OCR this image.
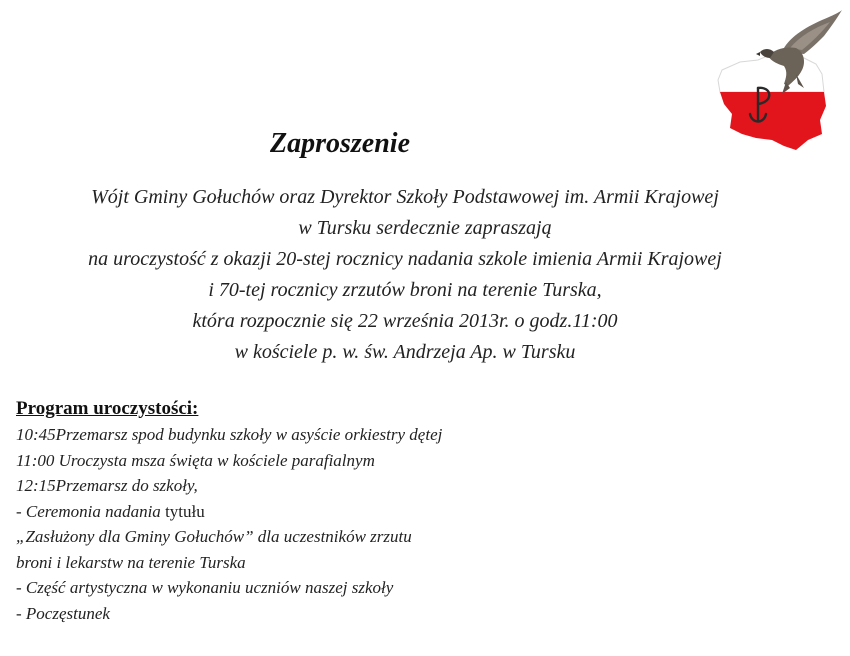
Zaproszenie
Wójt Gminy Gołuchów oraz Dyrektor Szkoły Podstawowej im. Armii Krajowej
w Tursku serdecznie zapraszają
na uroczystość z okazji 20-stej rocznicy nadania szkole imienia Armii Krajowej
i 70-tej rocznicy zrzutów broni na terenie Turska,
która rozpocznie się 22 września 2013r. o godz.11:00
w kościele p. w. św. Andrzeja Ap. w Tursku
Program uroczystości:
10:45Przemarsz spod budynku szkoły w asyście orkiestry dętej
11:00 Uroczysta msza święta w kościele parafialnym
12:15Przemarsz do szkoły,
- Ceremonia nadania tytułu
„Zasłużony dla Gminy Gołuchów” dla uczestników zrzutu
broni i lekarstw na terenie Turska
- Część artystyczna w wykonaniu uczniów naszej szkoły
- Poczęstunek
